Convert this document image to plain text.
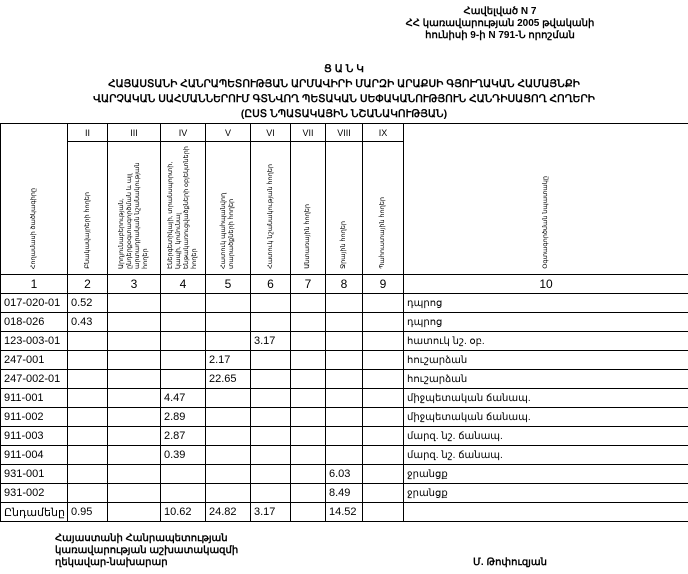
Հավելված N 7
ՀՀ կառավարության 2005 թվականի
հունիսի 9-ի N 791-Ն որոշման
Ց Ա Ն Կ
ՀԱՅԱՍՏԱՆԻ ՀԱՆՐԱՊԵՏՈՒԹՅԱՆ ԱՐՄԱՎԻՐԻ ՄԱՐԶԻ ԱՐԱՔՍԻ ԳՅՈՒՂԱԿԱՆ ՀԱՄԱՅՆՔԻ
ՎԱՐՉԱԿԱՆ ՍԱՀՄԱՆՆԵՐՈՒՄ ԳՏՆՎՈՂ ՊԵՏԱԿԱՆ ՍԵՓԱԿԱՆՈՒԹՅՈՒՆ ՀԱՆԴԻՍԱՑՈՂ ՀՈՂԵՐԻ
(ԸՍՏ ՆՊԱՏԱԿԱՅԻՆ ՆՇԱՆԱԿՈՒԹՅԱՆ)
Հողամասի ծածկագիրը	II	III	IV	V	VI	VII	VIII	IX	Օգտագործման նպատակը
	Բնակավայրերի հողեր	Արդյունաբերության, ընդերքօգտագործման և այլ արտադրական նշանակության հողեր	Էներգետիկայի, տրանսպորտի, կապի, կոմունալ ենթակառուցվածքների օբյեկտների հողեր	Հատուկ պահպանվող տարածքների հողեր	Հատուկ նշանակության հողեր	Անտառային հողեր	Ջրային հողեր	Պահուստային հողեր	
1	2	3	4	5	6	7	8	9	10
017-020-01	0.52								դպրոց
018-026	0.43								դպրոց
123-003-01					3.17				հատուկ նշ. օբ.
247-001				2.17					հուշարձան
247-002-01				22.65					հուշարձան
911-001			4.47						միջպետական ճանապ.
911-002			2.89						միջպետական ճանապ.
911-003			2.87						մարզ. նշ. ճանապ.
911-004			0.39						մարզ. նշ. ճանապ.
931-001							6.03		ջրանցք
931-002							8.49		ջրանցք
Ընդամենը	0.95		10.62	24.82	3.17		14.52		
Հայաստանի Հանրապետության
կառավարության աշխատակազմի
ղեկավար-նախարար	Մ. Թոփուզյան
